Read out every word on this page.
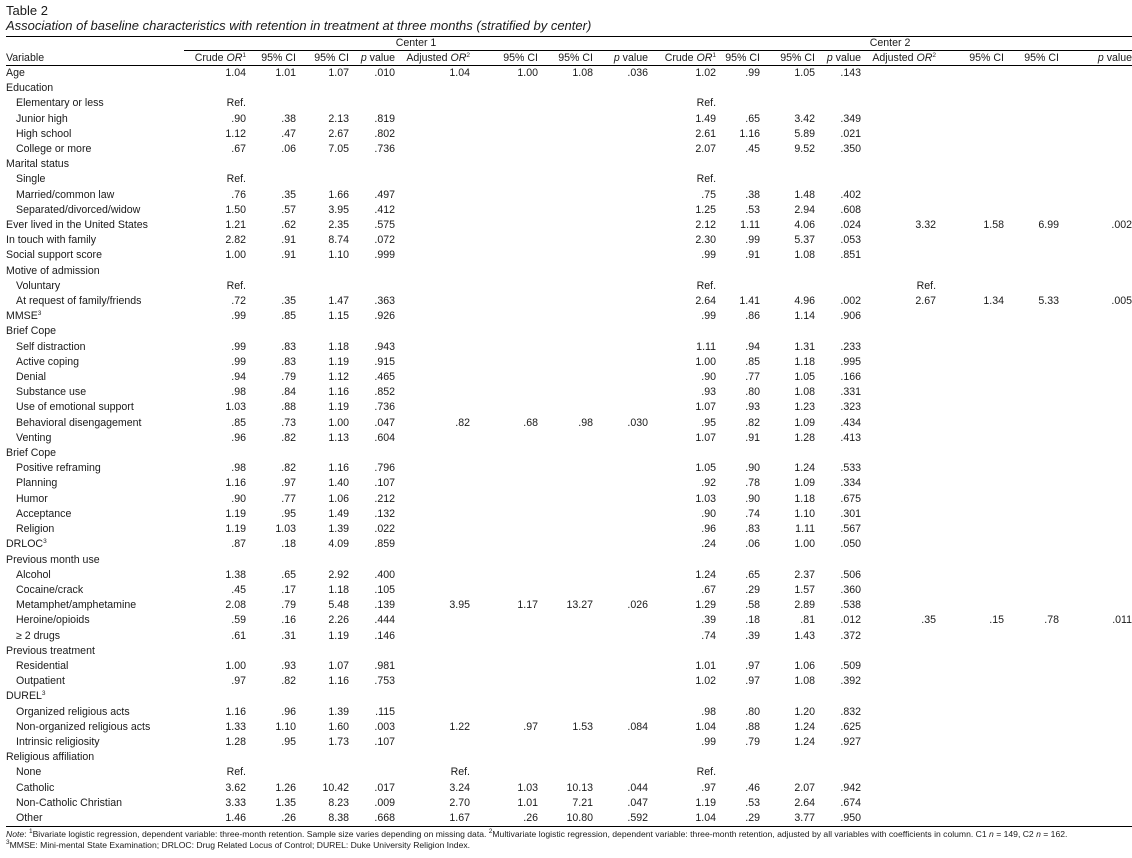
Table 2
Association of baseline characteristics with retention in treatment at three months (stratified by center)

	Center 1								Center 2							

Variable	Crude $OR^1$	95% CI	95% CI	p value	Adjusted $OR^2$	95% CI	95% CI	p value	Crude $OR^1$	95% CI	95% CI	p value	Adjusted $OR^2$	95% CI	95% CI	p value
Age	1.04	1.01	1.07	.010	1.04	1.00	1.08	.036	1.02	.99	1.05	.143				
Education																
Elementary or less	Ref.								Ref.							
Junior high	.90	.38	2.13	.819					1.49	.65	3.42	.349				
High school	1.12	.47	2.67	.802					2.61	1.16	5.89	.021				
College or more	.67	.06	7.05	.736					2.07	.45	9.52	.350				
Marital status																
Single	Ref.								Ref.							
Married/common law	.76	.35	1.66	.497					.75	.38	1.48	.402				
Separated/divorced/widow	1.50	.57	3.95	.412					1.25	.53	2.94	.608				
Ever lived in the United States	1.21	.62	2.35	.575					2.12	1.11	4.06	.024	3.32	1.58	6.99	.002
In touch with family	2.82	.91	8.74	.072					2.30	.99	5.37	.053				
Social support score	1.00	.91	1.10	.999					.99	.91	1.08	.851				
Motive of admission																
Voluntary	Ref.								Ref.				Ref.			
At request of family/friends	.72	.35	1.47	.363					2.64	1.41	4.96	.002	2.67	1.34	5.33	.005
MMSE$^3$	.99	.85	1.15	.926					.99	.86	1.14	.906				
Brief Cope																
Self distraction	.99	.83	1.18	.943					1.11	.94	1.31	.233				
Active coping	.99	.83	1.19	.915					1.00	.85	1.18	.995				
Denial	.94	.79	1.12	.465					.90	.77	1.05	.166				
Substance use	.98	.84	1.16	.852					.93	.80	1.08	.331				
Use of emotional support	1.03	.88	1.19	.736					1.07	.93	1.23	.323				
Behavioral disengagement	.85	.73	1.00	.047	.82	.68	.98	.030	.95	.82	1.09	.434				
Venting	.96	.82	1.13	.604					1.07	.91	1.28	.413				
Brief Cope																
Positive reframing	.98	.82	1.16	.796					1.05	.90	1.24	.533				
Planning	1.16	.97	1.40	.107					.92	.78	1.09	.334				
Humor	.90	.77	1.06	.212					1.03	.90	1.18	.675				
Acceptance	1.19	.95	1.49	.132					.90	.74	1.10	.301				
Religion	1.19	1.03	1.39	.022					.96	.83	1.11	.567				
DRLOC$^3$	.87	.18	4.09	.859					.24	.06	1.00	.050				
Previous month use																
Alcohol	1.38	.65	2.92	.400					1.24	.65	2.37	.506				
Cocaine/crack	.45	.17	1.18	.105					.67	.29	1.57	.360				
Metamphet/amphetamine	2.08	.79	5.48	.139	3.95	1.17	13.27	.026	1.29	.58	2.89	.538				
Heroine/opioids	.59	.16	2.26	.444					.39	.18	.81	.012	.35	.15	.78	.011
≥ 2 drugs	.61	.31	1.19	.146					.74	.39	1.43	.372				
Previous treatment																
Residential	1.00	.93	1.07	.981					1.01	.97	1.06	.509				
Outpatient	.97	.82	1.16	.753					1.02	.97	1.08	.392				
DUREL$^3$																
Organized religious acts	1.16	.96	1.39	.115					.98	.80	1.20	.832				
Non-organized religious acts	1.33	1.10	1.60	.003	1.22	.97	1.53	.084	1.04	.88	1.24	.625				
Intrinsic religiosity	1.28	.95	1.73	.107					.99	.79	1.24	.927				
Religious affiliation																
None	Ref.				Ref.				Ref.							
Catholic	3.62	1.26	10.42	.017	3.24	1.03	10.13	.044	.97	.46	2.07	.942				
Non-Catholic Christian	3.33	1.35	8.23	.009	2.70	1.01	7.21	.047	1.19	.53	2.64	.674				
Other	1.46	.26	8.38	.668	1.67	.26	10.80	.592	1.04	.29	3.77	.950				
Note: $^1$Bivariate logistic regression, dependent variable: three-month retention. Sample size varies depending on missing data. $^2$Multivariate logistic regression, dependent variable: three-month retention, adjusted by all variables with coefficients in column. C1 n = 149, C2 n = 162. $^3$MMSE: Mini-mental State Examination; DRLOC: Drug Related Locus of Control; DUREL: Duke University Religion Index.
